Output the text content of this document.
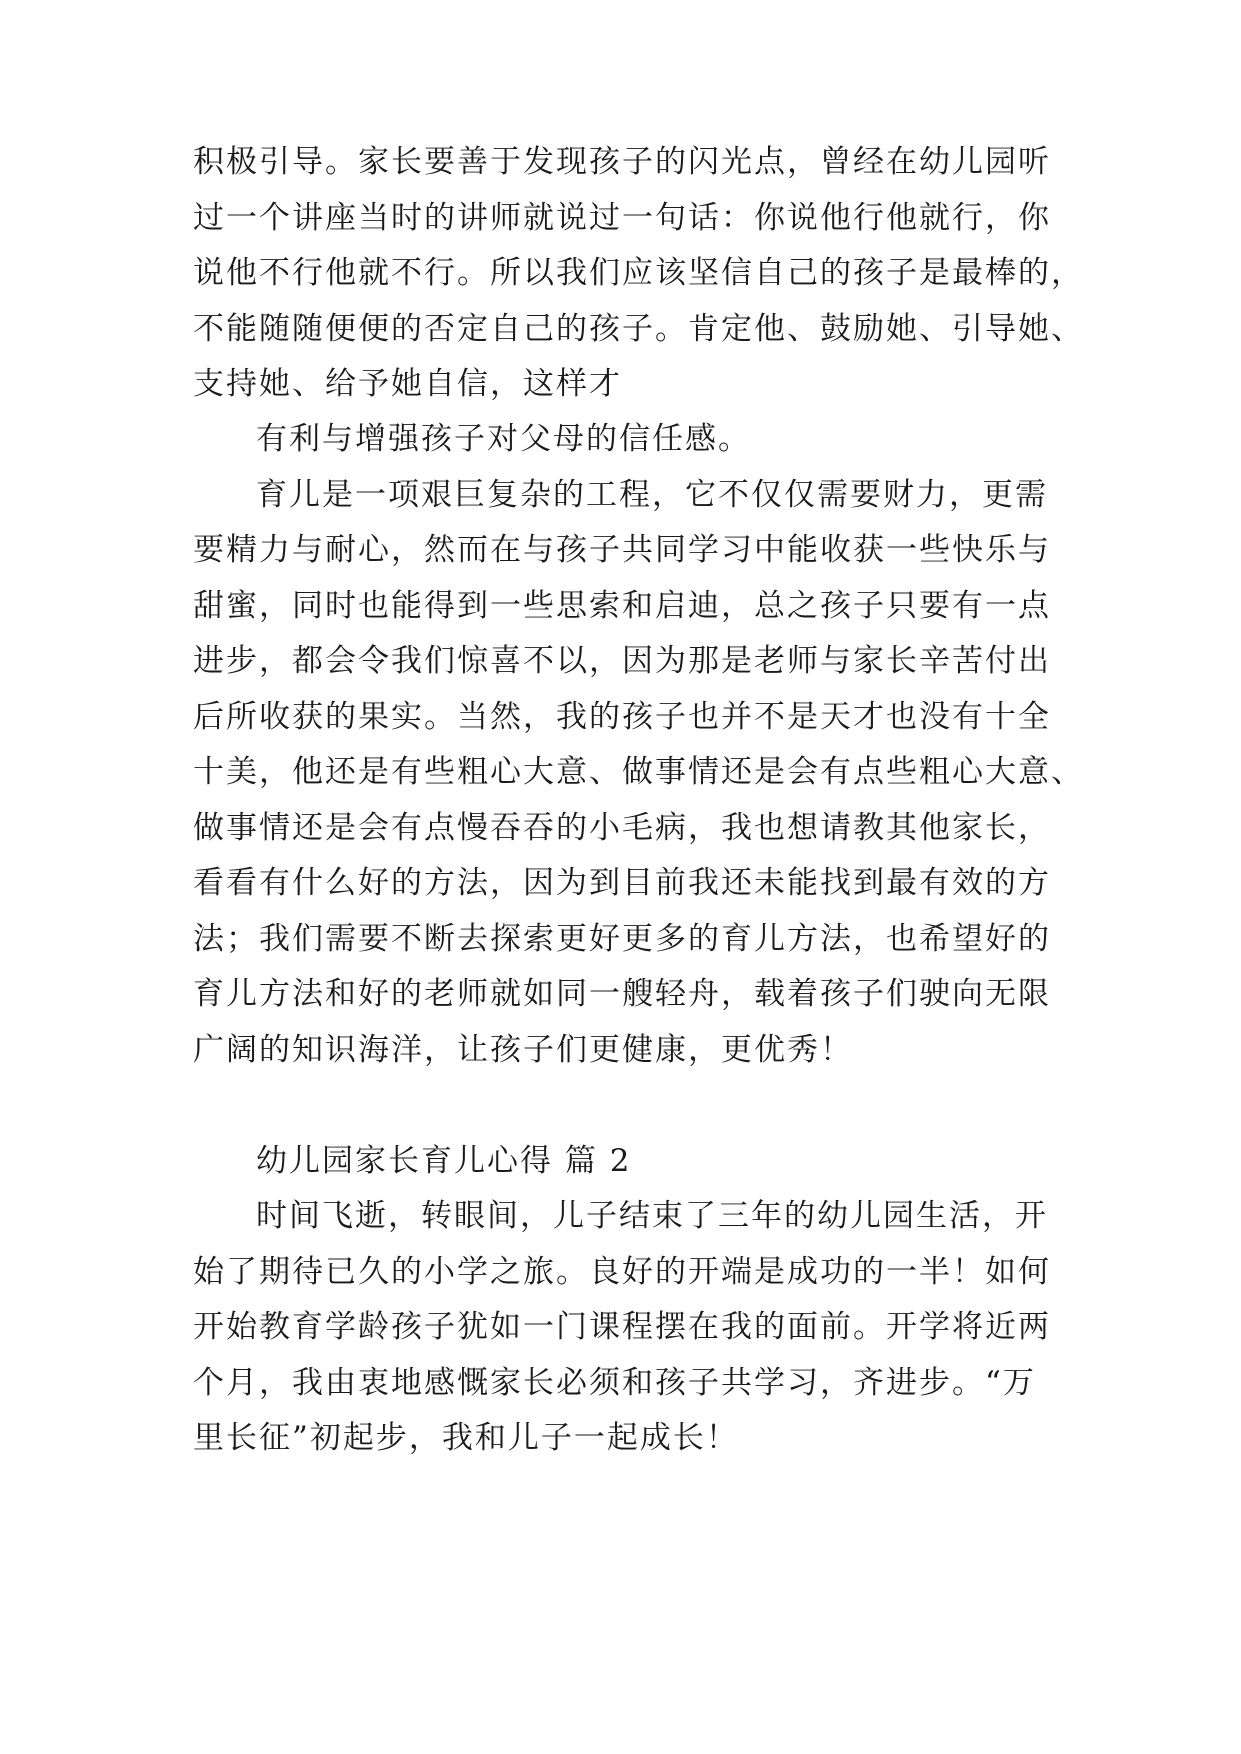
积极引导。家长要善于发现孩子的闪光点，曾经在幼儿园听
过一个讲座当时的讲师就说过一句话：你说他行他就行，你
说他不行他就不行。所以我们应该坚信自己的孩子是最棒的，
不能随随便便的否定自己的孩子。肯定他、鼓励她、引导她、
支持她、给予她自信，这样才
有利与增强孩子对父母的信任感。
育儿是一项艰巨复杂的工程，它不仅仅需要财力，更需
要精力与耐心，然而在与孩子共同学习中能收获一些快乐与
甜蜜，同时也能得到一些思索和启迪，总之孩子只要有一点
进步，都会令我们惊喜不以，因为那是老师与家长辛苦付出
后所收获的果实。当然，我的孩子也并不是天才也没有十全
十美，他还是有些粗心大意、做事情还是会有点些粗心大意、
做事情还是会有点慢吞吞的小毛病，我也想请教其他家长，
看看有什么好的方法，因为到目前我还未能找到最有效的方
法；我们需要不断去探索更好更多的育儿方法，也希望好的
育儿方法和好的老师就如同一艘轻舟，载着孩子们驶向无限
广阔的知识海洋，让孩子们更健康，更优秀！
幼儿园家长育儿心得 篇 2
时间飞逝，转眼间，儿子结束了三年的幼儿园生活，开
始了期待已久的小学之旅。良好的开端是成功的一半！如何
开始教育学龄孩子犹如一门课程摆在我的面前。开学将近两
个月，我由衷地感慨家长必须和孩子共学习，齐进步。“万
里长征”初起步，我和儿子一起成长！
